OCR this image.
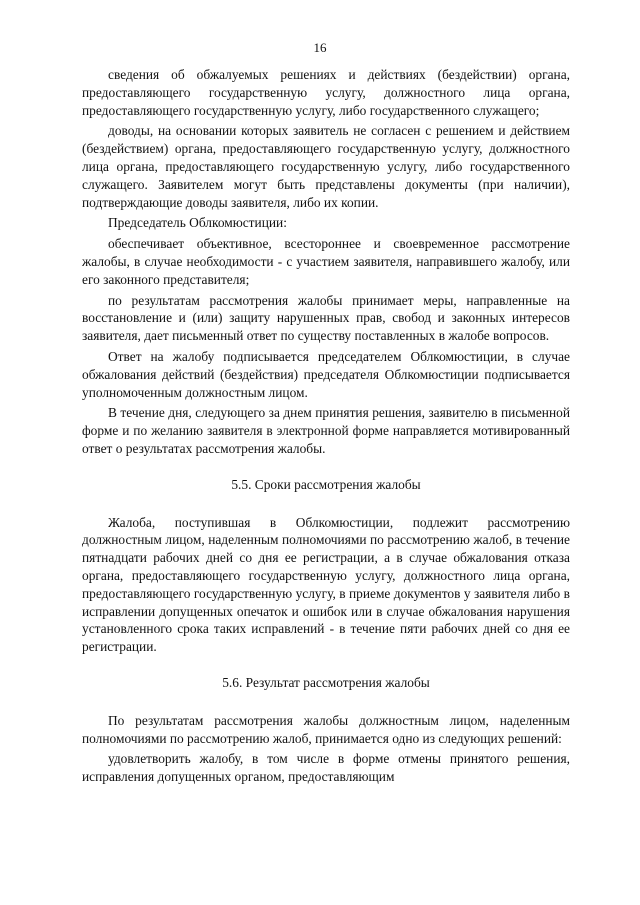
16

сведения об обжалуемых решениях и действиях (бездействии) органа, предоставляющего государственную услугу, должностного лица органа, предоставляющего государственную услугу, либо государственного служащего;

доводы, на основании которых заявитель не согласен с решением и действием (бездействием) органа, предоставляющего государственную услугу, должностного лица органа, предоставляющего государственную услугу, либо государственного служащего. Заявителем могут быть представлены документы (при наличии), подтверждающие доводы заявителя, либо их копии.

Председатель Облкомюстиции:

обеспечивает объективное, всестороннее и своевременное рассмотрение жалобы, в случае необходимости - с участием заявителя, направившего жалобу, или его законного представителя;

по результатам рассмотрения жалобы принимает меры, направленные на восстановление и (или) защиту нарушенных прав, свобод и законных интересов заявителя, дает письменный ответ по существу поставленных в жалобе вопросов.

Ответ на жалобу подписывается председателем Облкомюстиции, в случае обжалования действий (бездействия) председателя Облкомюстиции подписывается уполномоченным должностным лицом.

В течение дня, следующего за днем принятия решения, заявителю в письменной форме и по желанию заявителя в электронной форме направляется мотивированный ответ о результатах рассмотрения жалобы.

5.5. Сроки рассмотрения жалобы

Жалоба, поступившая в Облкомюстиции, подлежит рассмотрению должностным лицом, наделенным полномочиями по рассмотрению жалоб, в течение пятнадцати рабочих дней со дня ее регистрации, а в случае обжалования отказа органа, предоставляющего государственную услугу, должностного лица органа, предоставляющего государственную услугу, в приеме документов у заявителя либо в исправлении допущенных опечаток и ошибок или в случае обжалования нарушения установленного срока таких исправлений - в течение пяти рабочих дней со дня ее регистрации.

5.6. Результат рассмотрения жалобы

По результатам рассмотрения жалобы должностным лицом, наделенным полномочиями по рассмотрению жалоб, принимается одно из следующих решений:

удовлетворить жалобу, в том числе в форме отмены принятого решения, исправления допущенных органом, предоставляющим
